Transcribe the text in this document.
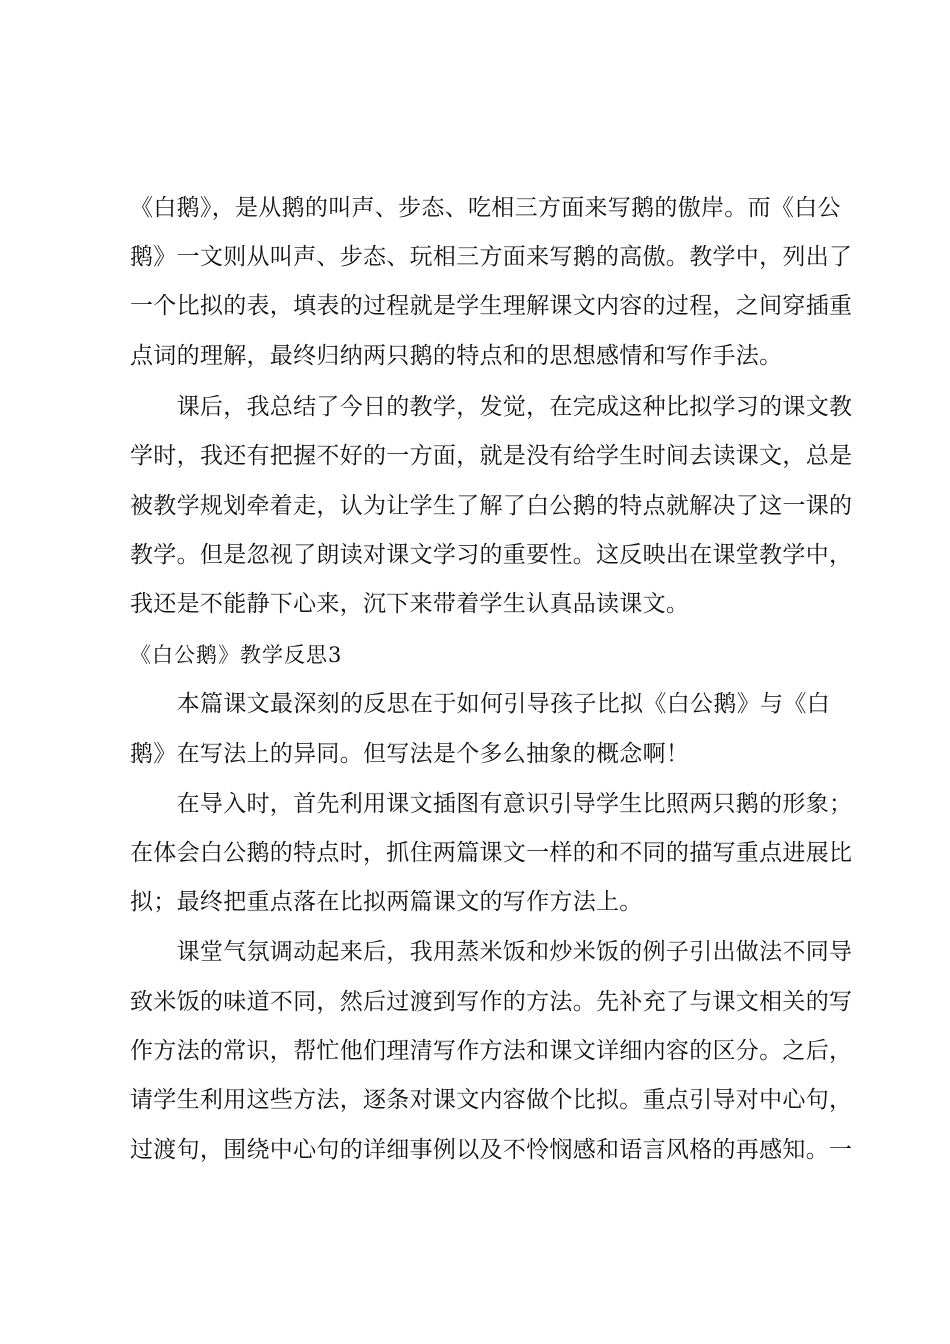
《白鹅》，是从鹅的叫声、步态、吃相三方面来写鹅的傲岸。而《白公
鹅》一文则从叫声、步态、玩相三方面来写鹅的高傲。教学中，列出了
一个比拟的表，填表的过程就是学生理解课文内容的过程，之间穿插重
点词的理解，最终归纳两只鹅的特点和的思想感情和写作手法。
　　课后，我总结了今日的教学，发觉，在完成这种比拟学习的课文教
学时，我还有把握不好的一方面，就是没有给学生时间去读课文，总是
被教学规划牵着走，认为让学生了解了白公鹅的特点就解决了这一课的
教学。但是忽视了朗读对课文学习的重要性。这反映出在课堂教学中，
我还是不能静下心来，沉下来带着学生认真品读课文。
《白公鹅》教学反思3
　　本篇课文最深刻的反思在于如何引导孩子比拟《白公鹅》与《白
鹅》在写法上的异同。但写法是个多么抽象的概念啊！
　　在导入时，首先利用课文插图有意识引导学生比照两只鹅的形象；
在体会白公鹅的特点时，抓住两篇课文一样的和不同的描写重点进展比
拟；最终把重点落在比拟两篇课文的写作方法上。
　　课堂气氛调动起来后，我用蒸米饭和炒米饭的例子引出做法不同导
致米饭的味道不同，然后过渡到写作的方法。先补充了与课文相关的写
作方法的常识，帮忙他们理清写作方法和课文详细内容的区分。之后，
请学生利用这些方法，逐条对课文内容做个比拟。重点引导对中心句，
过渡句，围绕中心句的详细事例以及不怜悯感和语言风格的再感知。一
